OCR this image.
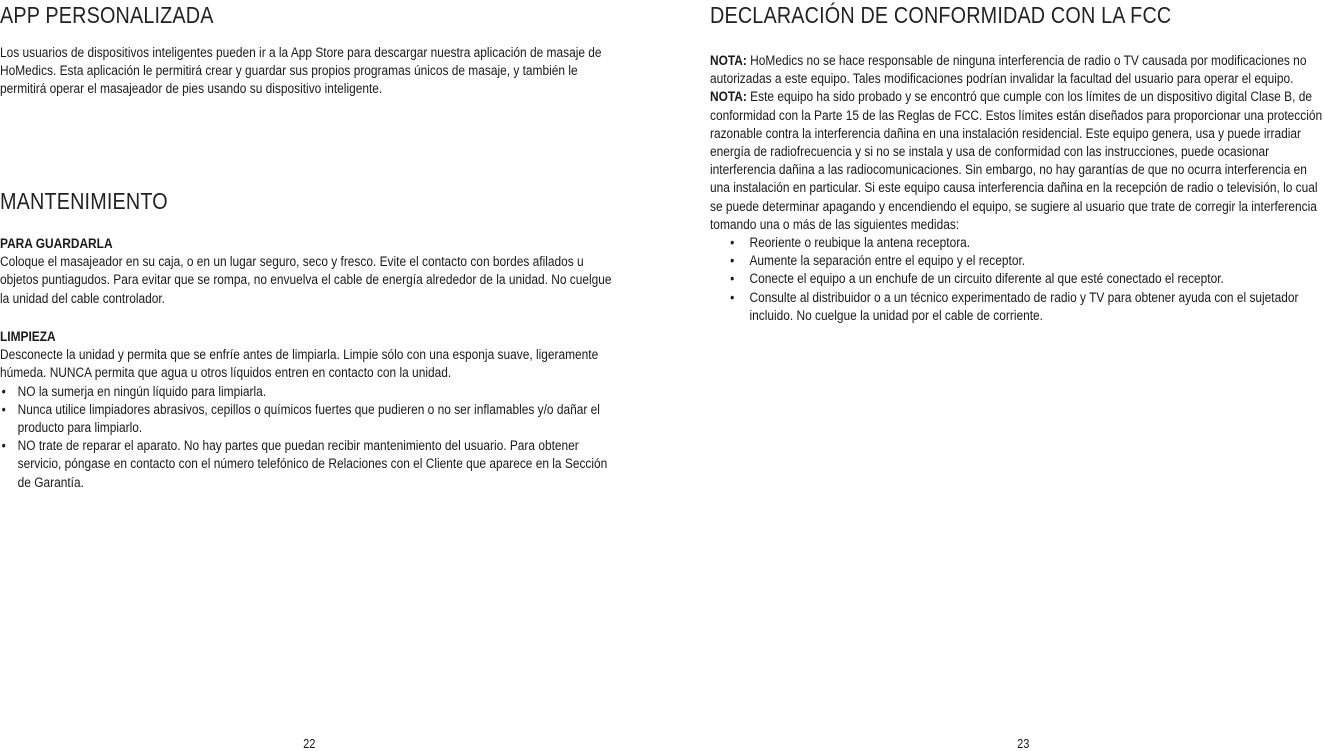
APP PERSONALIZADA

Los usuarios de dispositivos inteligentes pueden ir a la App Store para descargar nuestra aplicación de masaje de HoMedics. Esta aplicación le permitirá crear y guardar sus propios programas únicos de masaje, y también le permitirá operar el masajeador de pies usando su dispositivo inteligente.

MANTENIMIENTO

PARA GUARDARLA

Coloque el masajeador en su caja, o en un lugar seguro, seco y fresco. Evite el contacto con bordes afilados u objetos puntiagudos. Para evitar que se rompa, no envuelva el cable de energía alrededor de la unidad. No cuelgue la unidad del cable controlador.

LIMPIEZA

Desconecte la unidad y permita que se enfríe antes de limpiarla. Limpie sólo con una esponja suave, ligeramente húmeda. NUNCA permita que agua u otros líquidos entren en contacto con la unidad.

• NO la sumerja en ningún líquido para limpiarla.
• Nunca utilice limpiadores abrasivos, cepillos o químicos fuertes que pudieren o no ser inflamables y/o dañar el producto para limpiarlo.
• NO trate de reparar el aparato. No hay partes que puedan recibir mantenimiento del usuario. Para obtener servicio, póngase en contacto con el número telefónico de Relaciones con el Cliente que aparece en la Sección de Garantía.
22
DECLARACIÓN DE CONFORMIDAD CON LA FCC

NOTA: HoMedics no se hace responsable de ninguna interferencia de radio o TV causada por modificaciones no autorizadas a este equipo. Tales modificaciones podrían invalidar la facultad del usuario para operar el equipo.

NOTA: Este equipo ha sido probado y se encontró que cumple con los límites de un dispositivo digital Clase B, de conformidad con la Parte 15 de las Reglas de FCC. Estos límites están diseñados para proporcionar una protección razonable contra la interferencia dañina en una instalación residencial. Este equipo genera, usa y puede irradiar energía de radiofrecuencia y si no se instala y usa de conformidad con las instrucciones, puede ocasionar interferencia dañina a las radiocomunicaciones. Sin embargo, no hay garantías de que no ocurra interferencia en una instalación en particular. Si este equipo causa interferencia dañina en la recepción de radio o televisión, lo cual se puede determinar apagando y encendiendo el equipo, se sugiere al usuario que trate de corregir la interferencia tomando una o más de las siguientes medidas:

• Reoriente o reubique la antena receptora.
• Aumente la separación entre el equipo y el receptor.
• Conecte el equipo a un enchufe de un circuito diferente al que esté conectado el receptor.
• Consulte al distribuidor o a un técnico experimentado de radio y TV para obtener ayuda con el sujetador incluido. No cuelgue la unidad por el cable de corriente.
23
